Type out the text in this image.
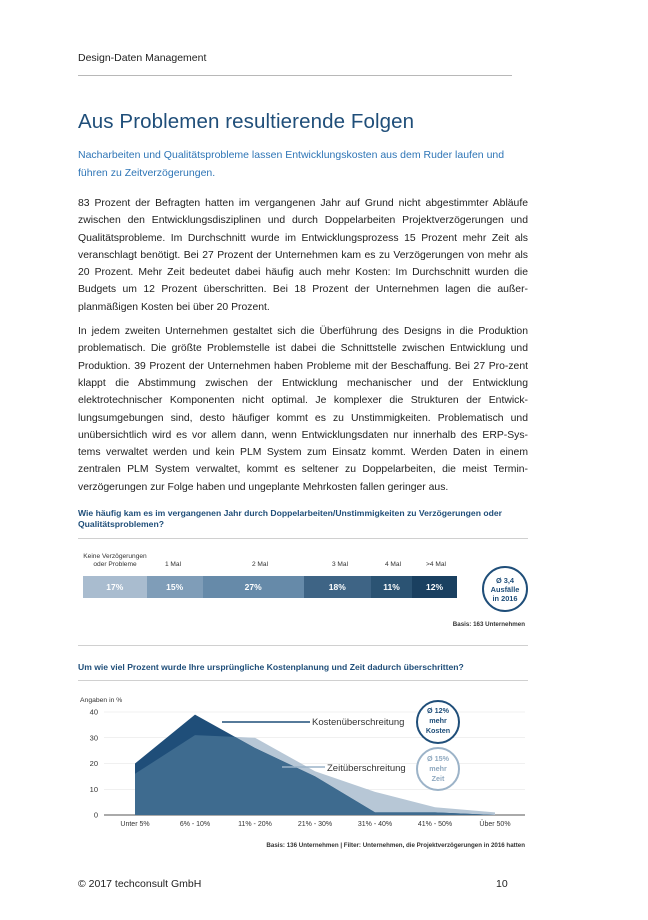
Design-Daten Management
Aus Problemen resultierende Folgen

Nacharbeiten und Qualitätsprobleme lassen Entwicklungskosten aus dem Ruder laufen und führen zu Zeitverzögerungen.

83 Prozent der Befragten hatten im vergangenen Jahr auf Grund nicht abgestimmter Abläufe zwischen den Entwicklungsdisziplinen und durch Doppelarbeiten Projektverzögerungen und Qualitätsprobleme. Im Durchschnitt wurde im Entwicklungsprozess 15 Prozent mehr Zeit als veranschlagt benötigt. Bei 27 Prozent der Unternehmen kam es zu Verzögerungen von mehr als 20 Prozent. Mehr Zeit bedeutet dabei häufig auch mehr Kosten: Im Durchschnitt wurden die Budgets um 12 Prozent überschritten. Bei 18 Prozent der Unternehmen lagen die außer-planmäßigen Kosten bei über 20 Prozent.

In jedem zweiten Unternehmen gestaltet sich die Überführung des Designs in die Produktion problematisch. Die größte Problemstelle ist dabei die Schnittstelle zwischen Entwicklung und Produktion. 39 Prozent der Unternehmen haben Probleme mit der Beschaffung. Bei 27 Pro-zent klappt die Abstimmung zwischen der Entwicklung mechanischer und der Entwicklung elektrotechnischer Komponenten nicht optimal. Je komplexer die Strukturen der Entwick-lungsumgebungen sind, desto häufiger kommt es zu Unstimmigkeiten. Problematisch und unübersichtlich wird es vor allem dann, wenn Entwicklungsdaten nur innerhalb des ERP-Sys-tems verwaltet werden und kein PLM System zum Einsatz kommt. Werden Daten in einem zentralen PLM System verwaltet, kommt es seltener zu Doppelarbeiten, die meist Termin-verzögerungen zur Folge haben und ungeplante Mehrkosten fallen geringer aus.

Wie häufig kam es im vergangenen Jahr durch Doppelarbeiten/Unstimmigkeiten zu Verzögerungen oder Qualitätsproblemen?
Keine Verzögerungen oder Probleme	1 Mal	2 Mal	3 Mal	4 Mal	>4 Mal
17%	15%	27%	18%	11%	12%
Ø 3,4
Ausfälle
in 2016
Basis: 163 Unternehmen
Um wie viel Prozent wurde Ihre ursprüngliche Kostenplanung und Zeit dadurch überschritten?
Angaben in %
40
30
20
10
0
Unter 5%	6% - 10%	11% - 20%	21% - 30%	31% - 40%	41% - 50%	Über 50%
Kostenüberschreitung
Zeitüberschreitung
Ø 12%
mehr
Kosten
Ø 15%
mehr
Zeit
Basis: 136 Unternehmen | Filter: Unternehmen, die Projektverzögerungen in 2016 hatten
© 2017 techconsult GmbH	10
